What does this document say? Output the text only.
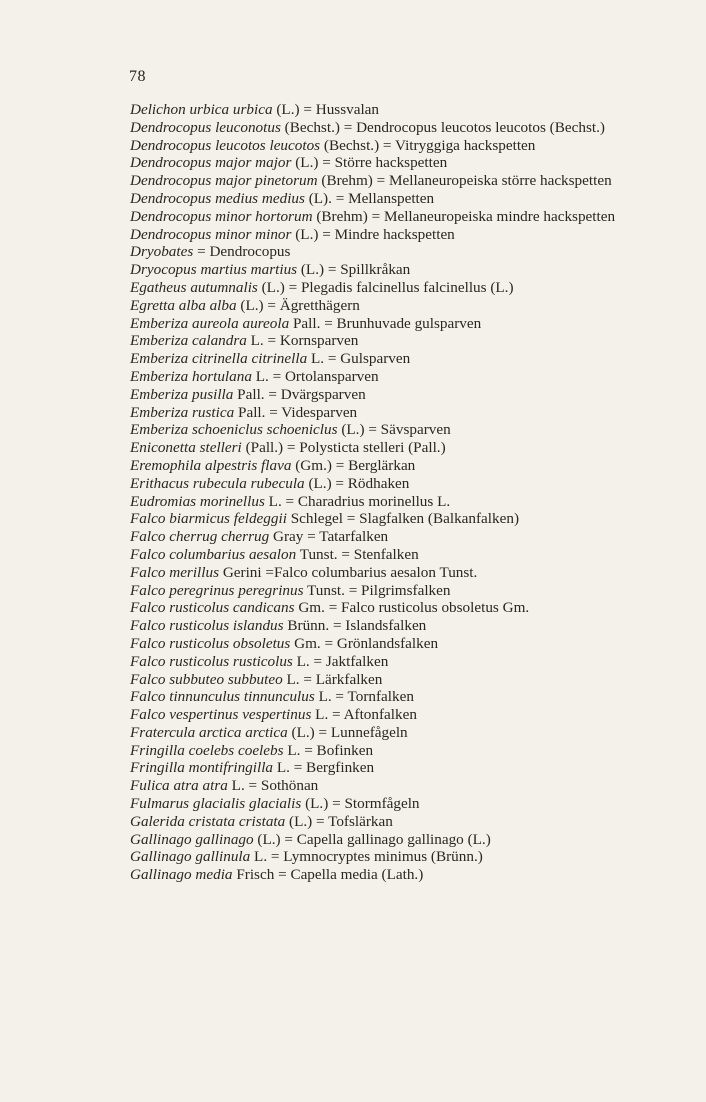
78
Delichon urbica urbica (L.) = Hussvalan
Dendrocopus leuconotus (Bechst.) = Dendrocopus leucotos leucotos (Bechst.)
Dendrocopus leucotos leucotos (Bechst.) = Vitryggiga hackspetten
Dendrocopus major major (L.) = Större hackspetten
Dendrocopus major pinetorum (Brehm) = Mellaneuropeiska större hackspetten
Dendrocopus medius medius (L). = Mellanspetten
Dendrocopus minor hortorum (Brehm) = Mellaneuropeiska mindre hackspetten
Dendrocopus minor minor (L.) = Mindre hackspetten
Dryobates = Dendrocopus
Dryocopus martius martius (L.) = Spillkråkan
Egatheus autumnalis (L.) = Plegadis falcinellus falcinellus (L.)
Egretta alba alba (L.) = Ägretthägern
Emberiza aureola aureola Pall. = Brunhuvade gulsparven
Emberiza calandra L. = Kornsparven
Emberiza citrinella citrinella L. = Gulsparven
Emberiza hortulana L. = Ortolansparven
Emberiza pusilla Pall. = Dvärgsparven
Emberiza rustica Pall. = Videsparven
Emberiza schoeniclus schoeniclus (L.) = Sävsparven
Eniconetta stelleri (Pall.) = Polysticta stelleri (Pall.)
Eremophila alpestris flava (Gm.) = Berglärkan
Erithacus rubecula rubecula (L.) = Rödhaken
Eudromias morinellus L. = Charadrius morinellus L.
Falco biarmicus feldeggii Schlegel = Slagfalken (Balkanfalken)
Falco cherrug cherrug Gray = Tatarfalken
Falco columbarius aesalon Tunst. = Stenfalken
Falco merillus Gerini =Falco columbarius aesalon Tunst.
Falco peregrinus peregrinus Tunst. = Pilgrimsfalken
Falco rusticolus candicans Gm. = Falco rusticolus obsoletus Gm.
Falco rusticolus islandus Brünn. = Islandsfalken
Falco rusticolus obsoletus Gm. = Grönlandsfalken
Falco rusticolus rusticolus L. = Jaktfalken
Falco subbuteo subbuteo L. = Lärkfalken
Falco tinnunculus tinnunculus L. = Tornfalken
Falco vespertinus vespertinus L. = Aftonfalken
Fratercula arctica arctica (L.) = Lunnefågeln
Fringilla coelebs coelebs L. = Bofinken
Fringilla montifringilla L. = Bergfinken
Fulica atra atra L. = Sothönan
Fulmarus glacialis glacialis (L.) = Stormfågeln
Galerida cristata cristata (L.) = Tofslärkan
Gallinago gallinago (L.) = Capella gallinago gallinago (L.)
Gallinago gallinula L. = Lymnocryptes minimus (Brünn.)
Gallinago media Frisch = Capella media (Lath.)
